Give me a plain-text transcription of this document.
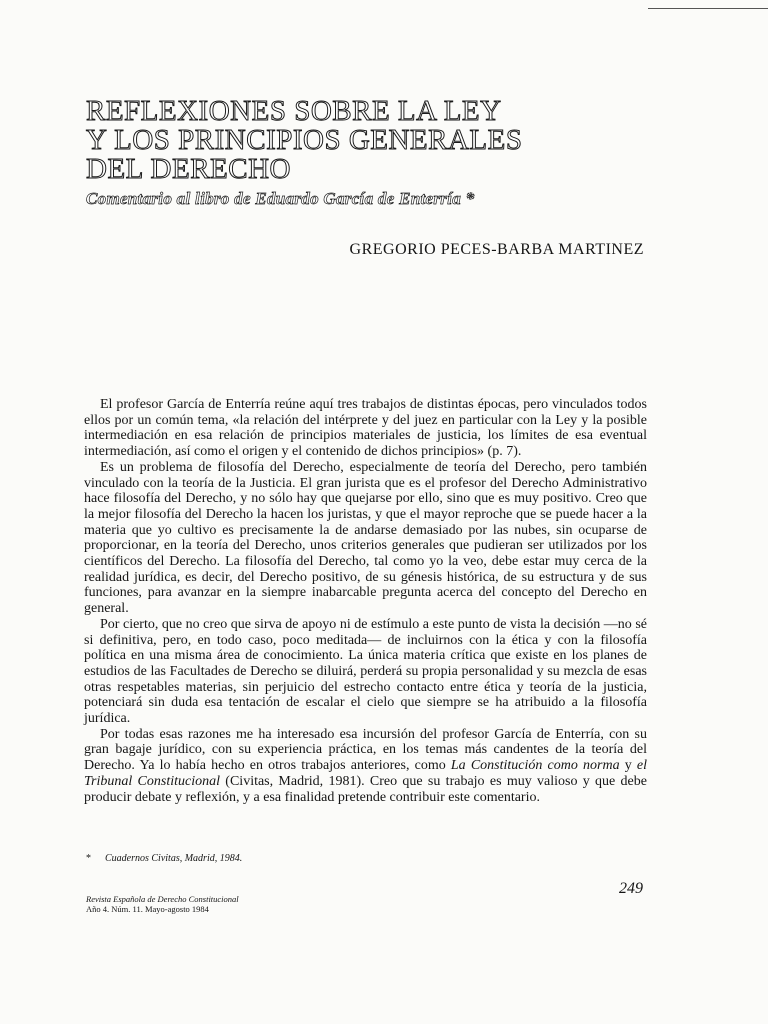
REFLEXIONES SOBRE LA LEY
Y LOS PRINCIPIOS GENERALES
DEL DERECHO
Comentario al libro de Eduardo García de Enterría *
GREGORIO PECES-BARBA MARTINEZ

El profesor García de Enterría reúne aquí tres trabajos de distintas épocas, pero vinculados todos ellos por un común tema, «la relación del intérprete y del juez en particular con la Ley y la posible intermediación en esa relación de principios materiales de justicia, los límites de esa eventual intermediación, así como el origen y el contenido de dichos principios» (p. 7).

Es un problema de filosofía del Derecho, especialmente de teoría del Derecho, pero también vinculado con la teoría de la Justicia. El gran jurista que es el profesor del Derecho Administrativo hace filosofía del Derecho, y no sólo hay que quejarse por ello, sino que es muy positivo. Creo que la mejor filosofía del Derecho la hacen los juristas, y que el mayor reproche que se puede hacer a la materia que yo cultivo es precisamente la de andarse demasiado por las nubes, sin ocuparse de proporcionar, en la teoría del Derecho, unos criterios generales que pudieran ser utilizados por los científicos del Derecho. La filosofía del Derecho, tal como yo la veo, debe estar muy cerca de la realidad jurídica, es decir, del Derecho positivo, de su génesis histórica, de su estructura y de sus funciones, para avanzar en la siempre inabarcable pregunta acerca del concepto del Derecho en general.

Por cierto, que no creo que sirva de apoyo ni de estímulo a este punto de vista la decisión —no sé si definitiva, pero, en todo caso, poco meditada— de incluirnos con la ética y con la filosofía política en una misma área de conocimiento. La única materia crítica que existe en los planes de estudios de las Facultades de Derecho se diluirá, perderá su propia personalidad y su mezcla de esas otras respetables materias, sin perjuicio del estrecho contacto entre ética y teoría de la justicia, potenciará sin duda esa tentación de escalar el cielo que siempre se ha atribuido a la filosofía jurídica.

Por todas esas razones me ha interesado esa incursión del profesor García de Enterría, con su gran bagaje jurídico, con su experiencia práctica, en los temas más candentes de la teoría del Derecho. Ya lo había hecho en otros trabajos anteriores, como La Constitución como norma y el Tribunal Constitucional (Civitas, Madrid, 1981). Creo que su trabajo es muy valioso y que debe producir debate y reflexión, y a esa finalidad pretende contribuir este comentario.

* Cuadernos Civitas, Madrid, 1984.
249
Revista Española de Derecho Constitucional
Año 4. Núm. 11. Mayo-agosto 1984
